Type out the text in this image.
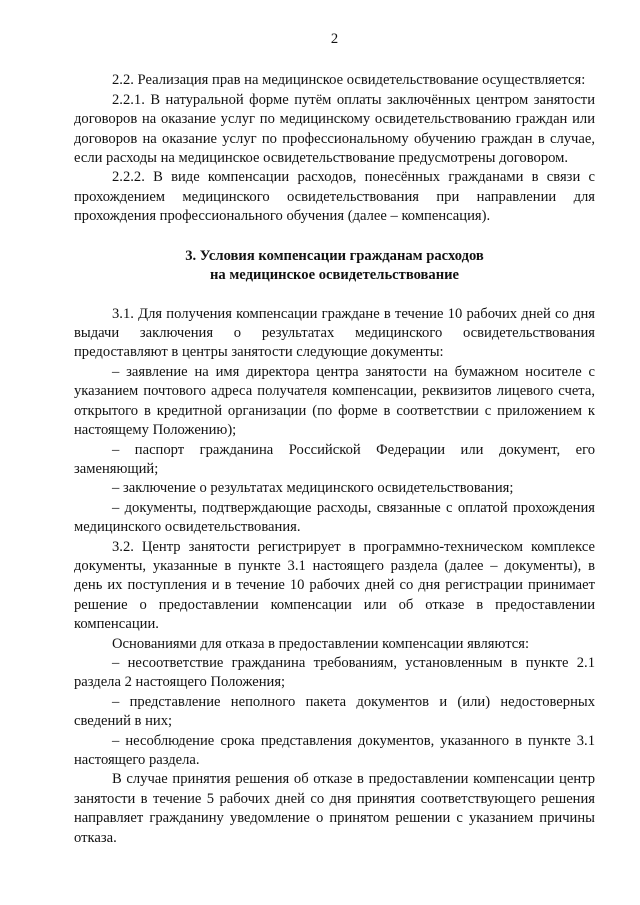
2

2.2. Реализация прав на медицинское освидетельствование осуществляется:

2.2.1. В натуральной форме путём оплаты заключённых центром занятости договоров на оказание услуг по медицинскому освидетельствованию граждан или договоров на оказание услуг по профессиональному обучению граждан в случае, если расходы на медицинское освидетельствование предусмотрены договором.

2.2.2. В виде компенсации расходов, понесённых гражданами в связи с прохождением медицинского освидетельствования при направлении для прохождения профессионального обучения (далее – компенсация).

3. Условия компенсации гражданам расходов
на медицинское освидетельствование

3.1. Для получения компенсации граждане в течение 10 рабочих дней со дня выдачи заключения о результатах медицинского освидетельствования предоставляют в центры занятости следующие документы:

– заявление на имя директора центра занятости на бумажном носителе с указанием почтового адреса получателя компенсации, реквизитов лицевого счета, открытого в кредитной организации (по форме в соответствии с приложением к настоящему Положению);

– паспорт гражданина Российской Федерации или документ, его заменяющий;

– заключение о результатах медицинского освидетельствования;

– документы, подтверждающие расходы, связанные с оплатой прохождения медицинского освидетельствования.

3.2. Центр занятости регистрирует в программно-техническом комплексе документы, указанные в пункте 3.1 настоящего раздела (далее – документы), в день их поступления и в течение 10 рабочих дней со дня регистрации принимает решение о предоставлении компенсации или об отказе в предоставлении компенсации.

Основаниями для отказа в предоставлении компенсации являются:

– несоответствие гражданина требованиям, установленным в пункте 2.1 раздела 2 настоящего Положения;

– представление неполного пакета документов и (или) недостоверных сведений в них;

– несоблюдение срока представления документов, указанного в пункте 3.1 настоящего раздела.

В случае принятия решения об отказе в предоставлении компенсации центр занятости в течение 5 рабочих дней со дня принятия соответствующего решения направляет гражданину уведомление о принятом решении с указанием причины отказа.
